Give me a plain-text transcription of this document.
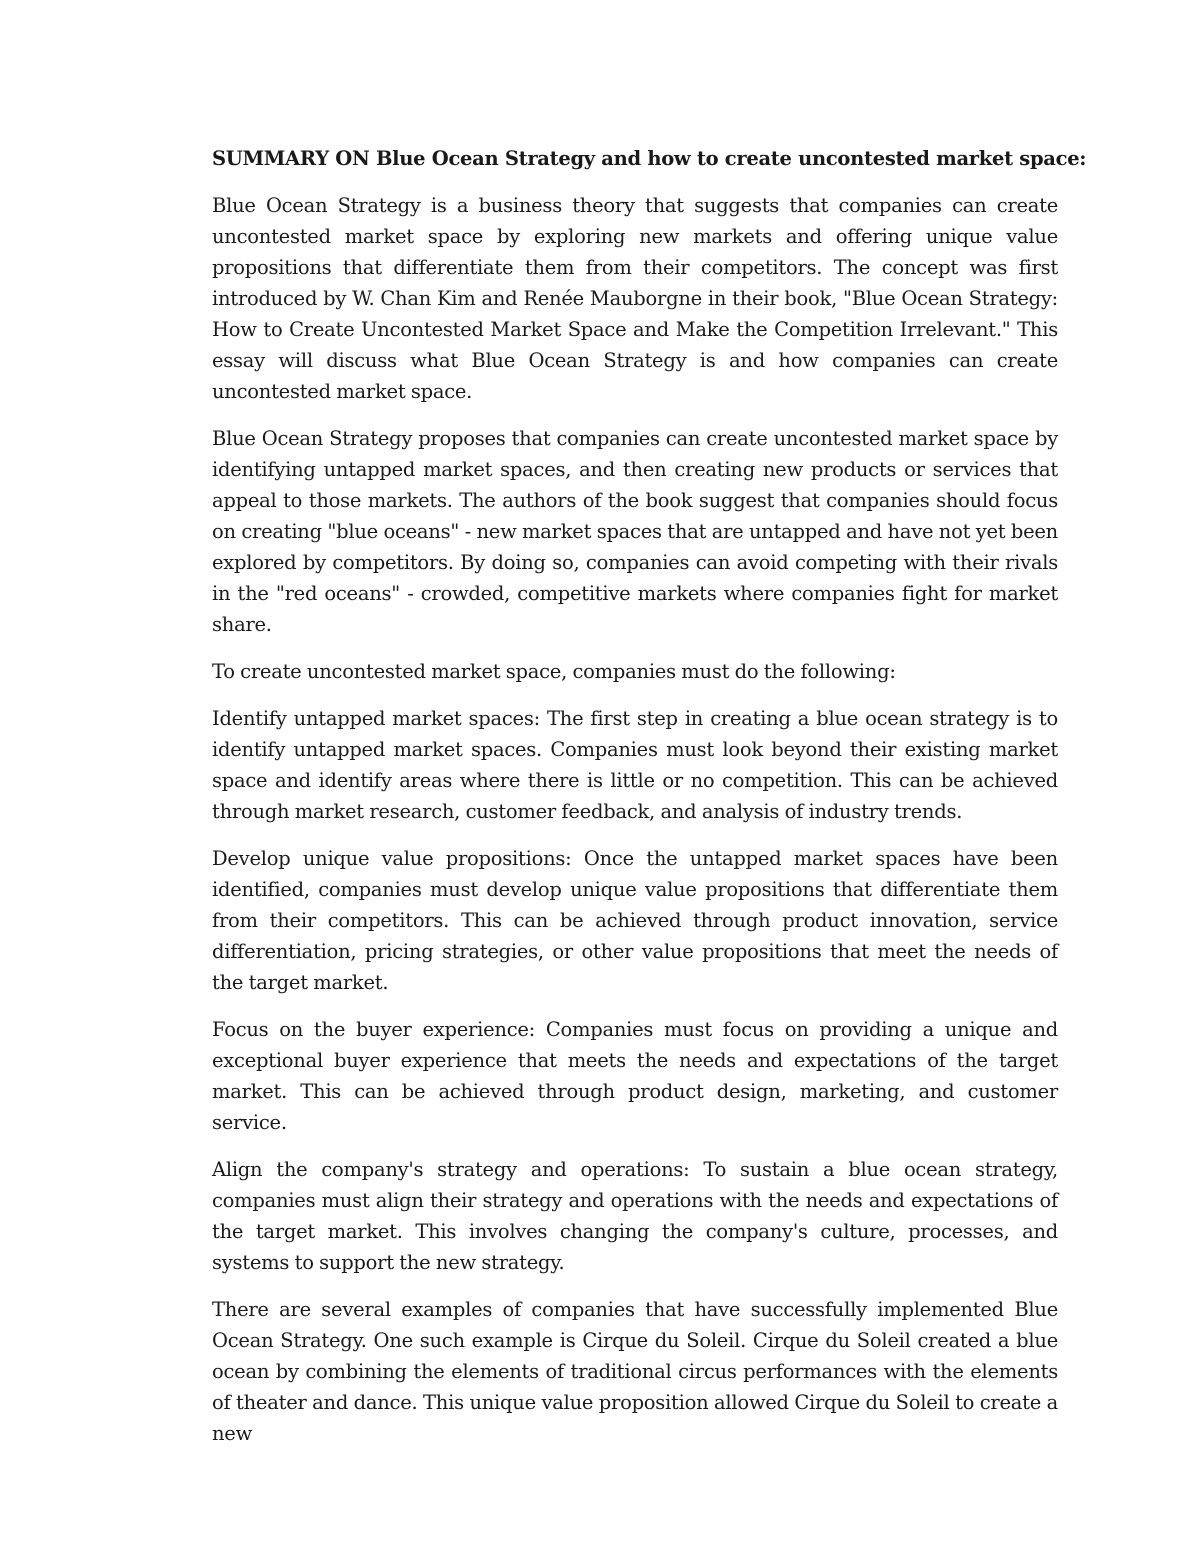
SUMMARY ON Blue Ocean Strategy and how to create uncontested market space:

Blue Ocean Strategy is a business theory that suggests that companies can create uncontested market space by exploring new markets and offering unique value propositions that differentiate them from their competitors. The concept was first introduced by W. Chan Kim and Renée Mauborgne in their book, "Blue Ocean Strategy: How to Create Uncontested Market Space and Make the Competition Irrelevant." This essay will discuss what Blue Ocean Strategy is and how companies can create uncontested market space.

Blue Ocean Strategy proposes that companies can create uncontested market space by identifying untapped market spaces, and then creating new products or services that appeal to those markets. The authors of the book suggest that companies should focus on creating "blue oceans" - new market spaces that are untapped and have not yet been explored by competitors. By doing so, companies can avoid competing with their rivals in the "red oceans" - crowded, competitive markets where companies fight for market share.

To create uncontested market space, companies must do the following:

Identify untapped market spaces: The first step in creating a blue ocean strategy is to identify untapped market spaces. Companies must look beyond their existing market space and identify areas where there is little or no competition. This can be achieved through market research, customer feedback, and analysis of industry trends.

Develop unique value propositions: Once the untapped market spaces have been identified, companies must develop unique value propositions that differentiate them from their competitors. This can be achieved through product innovation, service differentiation, pricing strategies, or other value propositions that meet the needs of the target market.

Focus on the buyer experience: Companies must focus on providing a unique and exceptional buyer experience that meets the needs and expectations of the target market. This can be achieved through product design, marketing, and customer service.

Align the company's strategy and operations: To sustain a blue ocean strategy, companies must align their strategy and operations with the needs and expectations of the target market. This involves changing the company's culture, processes, and systems to support the new strategy.

There are several examples of companies that have successfully implemented Blue Ocean Strategy. One such example is Cirque du Soleil. Cirque du Soleil created a blue ocean by combining the elements of traditional circus performances with the elements of theater and dance. This unique value proposition allowed Cirque du Soleil to create a new
